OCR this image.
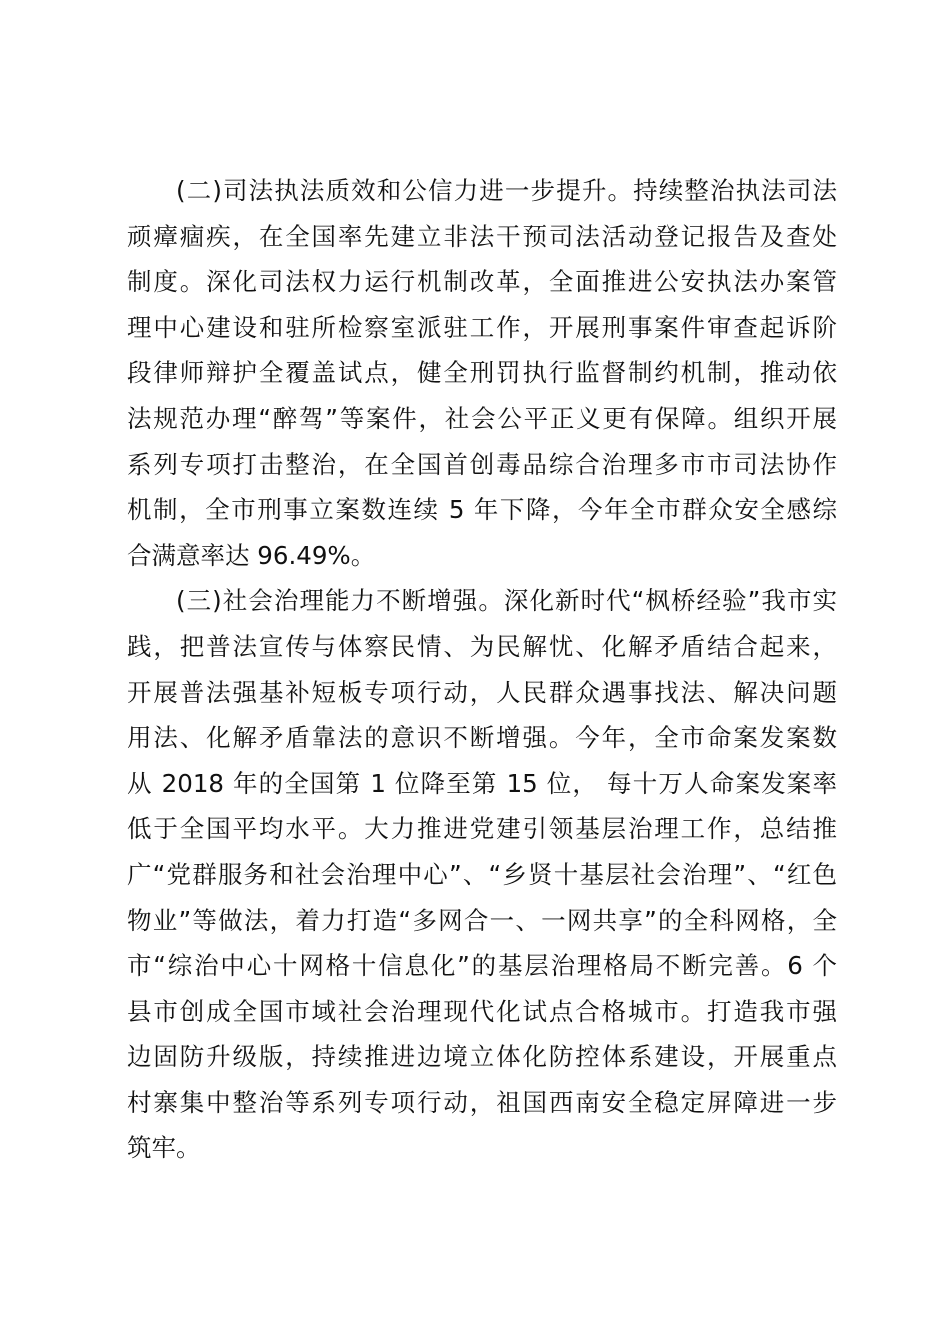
(二)司法执法质效和公信力进一步提升。持续整治执法司法
顽瘴痼疾，在全国率先建立非法干预司法活动登记报告及查处
制度。深化司法权力运行机制改革，全面推进公安执法办案管
理中心建设和驻所检察室派驻工作，开展刑事案件审查起诉阶
段律师辩护全覆盖试点，健全刑罚执行监督制约机制，推动依
法规范办理“醉驾”等案件，社会公平正义更有保障。组织开展
系列专项打击整治，在全国首创毒品综合治理多市市司法协作
机制，全市刑事立案数连续 5 年下降，今年全市群众安全感综
合满意率达 96.49%。
(三)社会治理能力不断增强。深化新时代“枫桥经验”我市实
践，把普法宣传与体察民情、为民解忧、化解矛盾结合起来，
开展普法强基补短板专项行动，人民群众遇事找法、解决问题
用法、化解矛盾靠法的意识不断增强。今年，全市命案发案数
从 2018 年的全国第 1 位降至第 15 位， 每十万人命案发案率
低于全国平均水平。大力推进党建引领基层治理工作，总结推
广“党群服务和社会治理中心”、“乡贤十基层社会治理”、“红色
物业”等做法，着力打造“多网合一、一网共享”的全科网格，全
市“综治中心十网格十信息化”的基层治理格局不断完善。6 个
县市创成全国市域社会治理现代化试点合格城市。打造我市强
边固防升级版，持续推进边境立体化防控体系建设，开展重点
村寨集中整治等系列专项行动，祖国西南安全稳定屏障进一步
筑牢。
